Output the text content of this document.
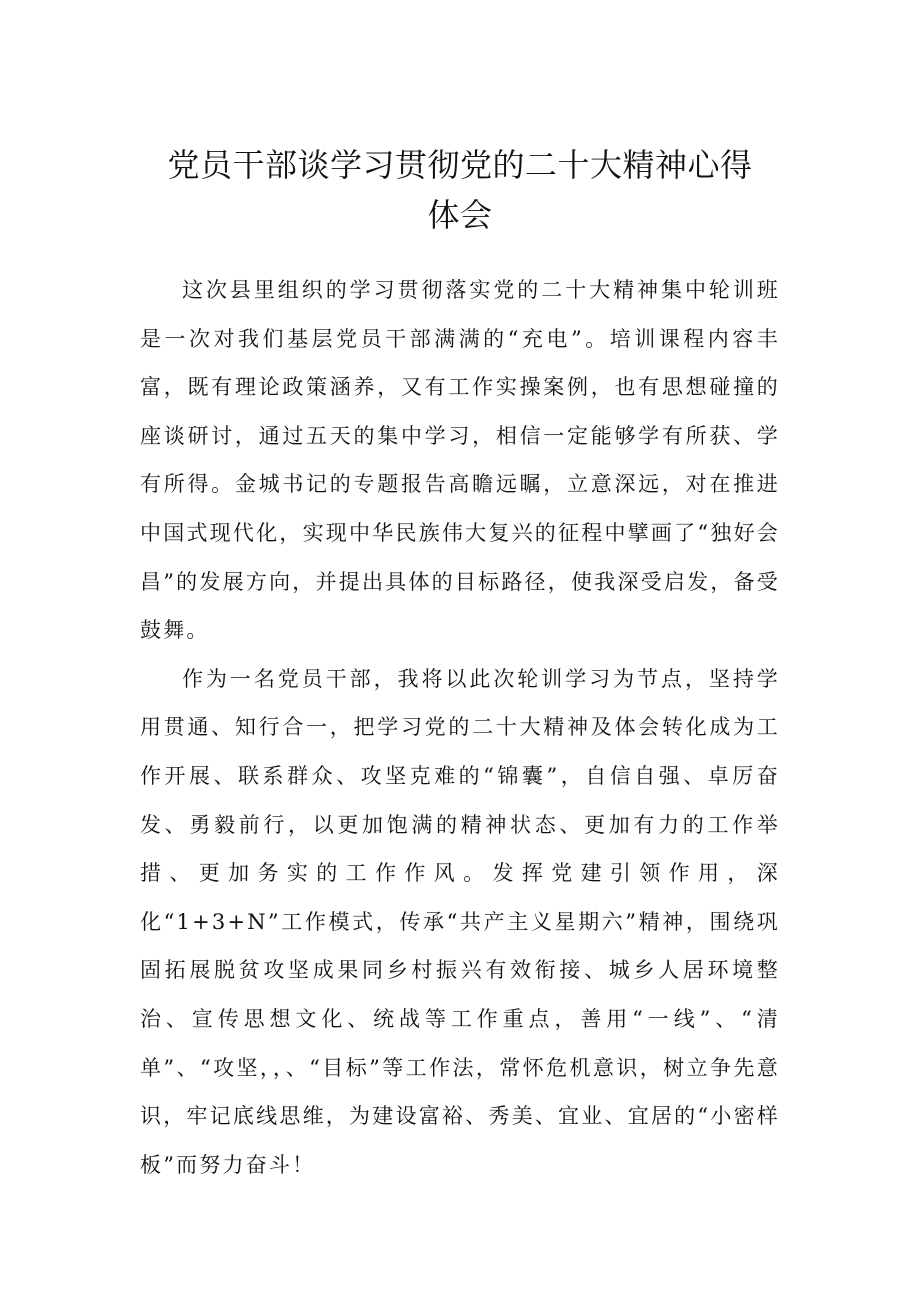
党员干部谈学习贯彻党的二十大精神心得
体会

这次县里组织的学习贯彻落实党的二十大精神集中轮训班是一次对我们基层党员干部满满的“充电”。培训课程内容丰富，既有理论政策涵养，又有工作实操案例，也有思想碰撞的座谈研讨，通过五天的集中学习，相信一定能够学有所获、学有所得。金城书记的专题报告高瞻远瞩，立意深远，对在推进中国式现代化，实现中华民族伟大复兴的征程中擘画了“独好会昌”的发展方向，并提出具体的目标路径，使我深受启发，备受鼓舞。

作为一名党员干部，我将以此次轮训学习为节点，坚持学用贯通、知行合一，把学习党的二十大精神及体会转化成为工作开展、联系群众、攻坚克难的“锦囊”，自信自强、卓厉奋发、勇毅前行，以更加饱满的精神状态、更加有力的工作举措、更加务实的工作作风。发挥党建引领作用，深化“1+3+N”工作模式，传承“共产主义星期六”精神，围绕巩固拓展脱贫攻坚成果同乡村振兴有效衔接、城乡人居环境整治、宣传思想文化、统战等工作重点，善用“一线”、“清单”、“攻坚，，、“目标”等工作法，常怀危机意识，树立争先意识，牢记底线思维，为建设富裕、秀美、宜业、宜居的“小密样板”而努力奋斗！
